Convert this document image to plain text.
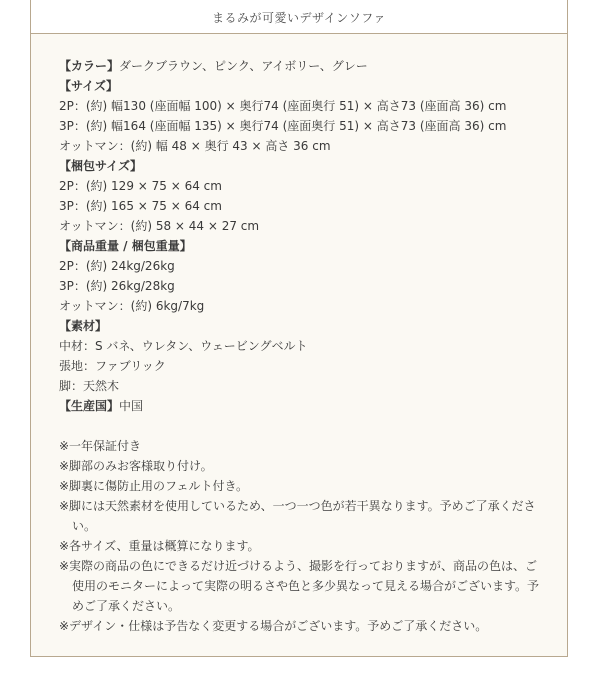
まるみが可愛いデザインソファ
【カラー】ダークブラウン、ピンク、アイボリー、グレー
【サイズ】
2P：(約) 幅130 (座面幅 100) × 奥行74 (座面奥行 51) × 高さ73 (座面高 36) cm
3P：(約) 幅164 (座面幅 135) × 奥行74 (座面奥行 51) × 高さ73 (座面高 36) cm
オットマン：(約) 幅 48 × 奥行 43 × 高さ 36 cm
【梱包サイズ】
2P：(約) 129 × 75 × 64 cm
3P：(約) 165 × 75 × 64 cm
オットマン：(約) 58 × 44 × 27 cm
【商品重量 / 梱包重量】
2P：(約) 24kg/26kg
3P：(約) 26kg/28kg
オットマン：(約) 6kg/7kg
【素材】
中材：S バネ、ウレタン、ウェービングベルト
張地：ファブリック
脚：天然木
【生産国】中国
※一年保証付き
※脚部のみお客様取り付け。
※脚裏に傷防止用のフェルト付き。
※脚には天然素材を使用しているため、一つ一つ色が若干異なります。予めご了承ください。
※各サイズ、重量は概算になります。
※実際の商品の色にできるだけ近づけるよう、撮影を行っておりますが、商品の色は、ご使用のモニターによって実際の明るさや色と多少異なって見える場合がございます。予めご了承ください。
※デザイン・仕様は予告なく変更する場合がございます。予めご了承ください。
